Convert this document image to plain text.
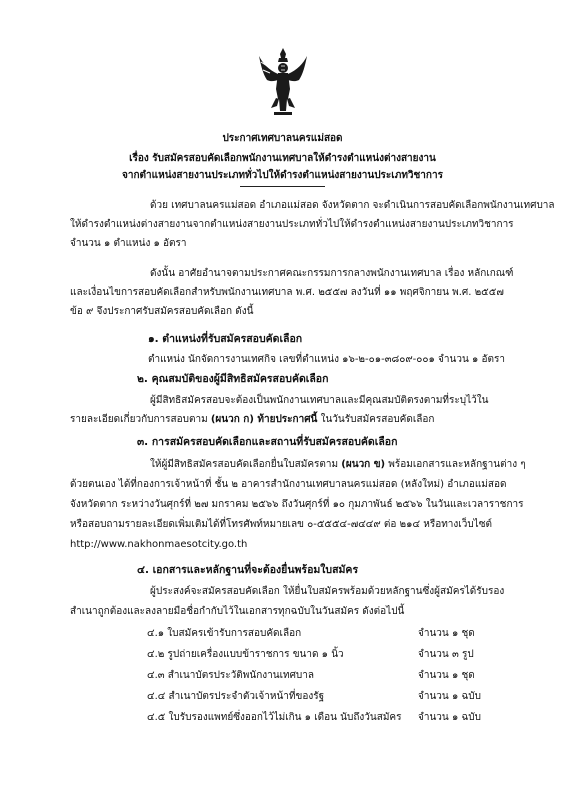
ประกาศเทศบาลนครแม่สอด
เรื่อง รับสมัครสอบคัดเลือกพนักงานเทศบาลให้ดำรงตำแหน่งต่างสายงาน
จากตำแหน่งสายงานประเภททั่วไปให้ดำรงตำแหน่งสายงานประเภทวิชาการ
ด้วย เทศบาลนครแม่สอด อำเภอแม่สอด จังหวัดตาก จะดำเนินการสอบคัดเลือกพนักงานเทศบาล
ให้ดำรงตำแหน่งต่างสายงานจากตำแหน่งสายงานประเภททั่วไปให้ดำรงตำแหน่งสายงานประเภทวิชาการ
จำนวน ๑ ตำแหน่ง ๑ อัตรา
ดังนั้น อาศัยอำนาจตามประกาศคณะกรรมการกลางพนักงานเทศบาล เรื่อง หลักเกณฑ์
และเงื่อนไขการสอบคัดเลือกสำหรับพนักงานเทศบาล พ.ศ. ๒๕๕๗ ลงวันที่ ๑๑ พฤศจิกายน พ.ศ. ๒๕๕๗
ข้อ ๙ จึงประกาศรับสมัครสอบคัดเลือก ดังนี้
๑. ตำแหน่งที่รับสมัครสอบคัดเลือก
ตำแหน่ง นักจัดการงานเทศกิจ เลขที่ตำแหน่ง ๑๖-๒-๐๑-๓๘๐๙-๐๐๑ จำนวน ๑ อัตรา
๒. คุณสมบัติของผู้มีสิทธิสมัครสอบคัดเลือก
ผู้มีสิทธิสมัครสอบจะต้องเป็นพนักงานเทศบาลและมีคุณสมบัติตรงตามที่ระบุไว้ใน
รายละเอียดเกี่ยวกับการสอบตาม (ผนวก ก) ท้ายประกาศนี้ ในวันรับสมัครสอบคัดเลือก
๓. การสมัครสอบคัดเลือกและสถานที่รับสมัครสอบคัดเลือก
ให้ผู้มีสิทธิสมัครสอบคัดเลือกยื่นใบสมัครตาม (ผนวก ข) พร้อมเอกสารและหลักฐานต่าง ๆ
ด้วยตนเอง ได้ที่กองการเจ้าหน้าที่ ชั้น ๒ อาคารสำนักงานเทศบาลนครแม่สอด (หลังใหม่) อำเภอแม่สอด
จังหวัดตาก ระหว่างวันศุกร์ที่ ๒๗ มกราคม ๒๕๖๖ ถึงวันศุกร์ที่ ๑๐ กุมภาพันธ์ ๒๕๖๖ ในวันและเวลาราชการ
หรือสอบถามรายละเอียดเพิ่มเติมได้ที่โทรศัพท์หมายเลข ๐-๕๕๕๔-๗๔๔๙ ต่อ ๒๑๔ หรือทางเว็บไซต์
http://www.nakhonmaesotcity.go.th
๔. เอกสารและหลักฐานที่จะต้องยื่นพร้อมใบสมัคร
ผู้ประสงค์จะสมัครสอบคัดเลือก ให้ยื่นใบสมัครพร้อมด้วยหลักฐานซึ่งผู้สมัครได้รับรอง
สำเนาถูกต้องและลงลายมือชื่อกำกับไว้ในเอกสารทุกฉบับในวันสมัคร ดังต่อไปนี้
๔.๑ ใบสมัครเข้ารับการสอบคัดเลือก	จำนวน ๑ ชุด
๔.๒ รูปถ่ายเครื่องแบบข้าราชการ ขนาด ๑ นิ้ว	จำนวน ๓ รูป
๔.๓ สำเนาบัตรประวัติพนักงานเทศบาล	จำนวน ๑ ชุด
๔.๔ สำเนาบัตรประจำตัวเจ้าหน้าที่ของรัฐ	จำนวน ๑ ฉบับ
๔.๕ ใบรับรองแพทย์ซึ่งออกไว้ไม่เกิน ๑ เดือน นับถึงวันสมัคร จำนวน ๑ ฉบับ
